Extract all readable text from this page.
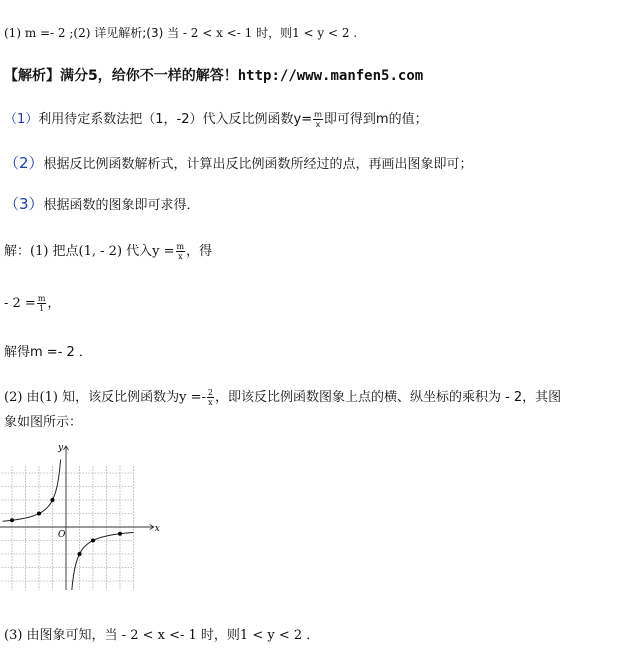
(1) m =- 2 ;(2) 详见解析;(3) 当 - 2 < x <- 1 时，则1 < y < 2 .
【解析】满分5，给你不一样的解答！http://www.manfen5.com
（1）利用待定系数法把（1，-2）代入反比例函数$y= \frac{m}{x}$ 即可得到m的值；
（2）根据反比例函数解析式，计算出反比例函数所经过的点，再画出图象即可；
（3）根据函数的图象即可求得．
解：(1) 把点(1, - 2) 代入$y = \frac{m}{x}$ ，得
- $2 = \frac{m}{1}$ ，
解得m =- 2 ．
(2) 由(1) 知，该反比例函数为$y =- \frac{2}{x}$ ，即该反比例函数图象上点的横、纵坐标的乘积为 - 2，其图
象如图所示：
y
x
O
(3) 由图象可知，当 - 2 < x <- 1 时，则1 < y < 2 ．
